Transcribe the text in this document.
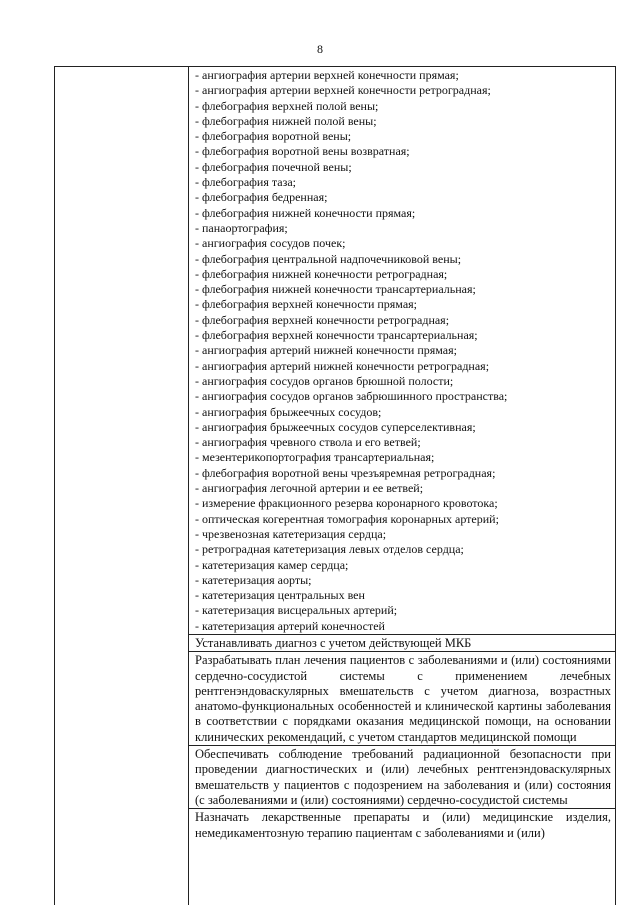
8
- ангиография артерии верхней конечности прямая;
- ангиография артерии верхней конечности ретроградная;
- флебография верхней полой вены;
- флебография нижней полой вены;
- флебография воротной вены;
- флебография воротной вены возвратная;
- флебография почечной вены;
- флебография таза;
- флебография бедренная;
- флебография нижней конечности прямая;
- панаортография;
- ангиография сосудов почек;
- флебография центральной надпочечниковой вены;
- флебография нижней конечности ретроградная;
- флебография нижней конечности трансартериальная;
- флебография верхней конечности прямая;
- флебография верхней конечности ретроградная;
- флебография верхней конечности трансартериальная;
- ангиография артерий нижней конечности прямая;
- ангиография артерий нижней конечности ретроградная;
- ангиография сосудов органов брюшной полости;
- ангиография сосудов органов забрюшинного пространства;
- ангиография брыжеечных сосудов;
- ангиография брыжеечных сосудов суперселективная;
- ангиография чревного ствола и его ветвей;
- мезентерикопортография трансартериальная;
- флебография воротной вены чрезъяремная ретроградная;
- ангиография легочной артерии и ее ветвей;
- измерение фракционного резерва коронарного кровотока;
- оптическая когерентная томография коронарных артерий;
- чрезвенозная катетеризация сердца;
- ретроградная катетеризация левых отделов сердца;
- катетеризация камер сердца;
- катетеризация аорты;
- катетеризация центральных вен
- катетеризация висцеральных артерий;
- катетеризация артерий конечностей
Устанавливать диагноз с учетом действующей МКБ
Разрабатывать план лечения пациентов с заболеваниями и (или) состояниями сердечно-сосудистой системы с применением лечебных рентгенэндоваскулярных вмешательств с учетом диагноза, возрастных анатомо-функциональных особенностей и клинической картины заболевания в соответствии с порядками оказания медицинской помощи, на основании клинических рекомендаций, с учетом стандартов медицинской помощи
Обеспечивать соблюдение требований радиационной безопасности при проведении диагностических и (или) лечебных рентгенэндоваскулярных вмешательств у пациентов с подозрением на заболевания и (или) состояния (с заболеваниями и (или) состояниями) сердечно-сосудистой системы
Назначать лекарственные препараты и (или) медицинские изделия, немедикаментозную терапию пациентам с заболеваниями и (или)
